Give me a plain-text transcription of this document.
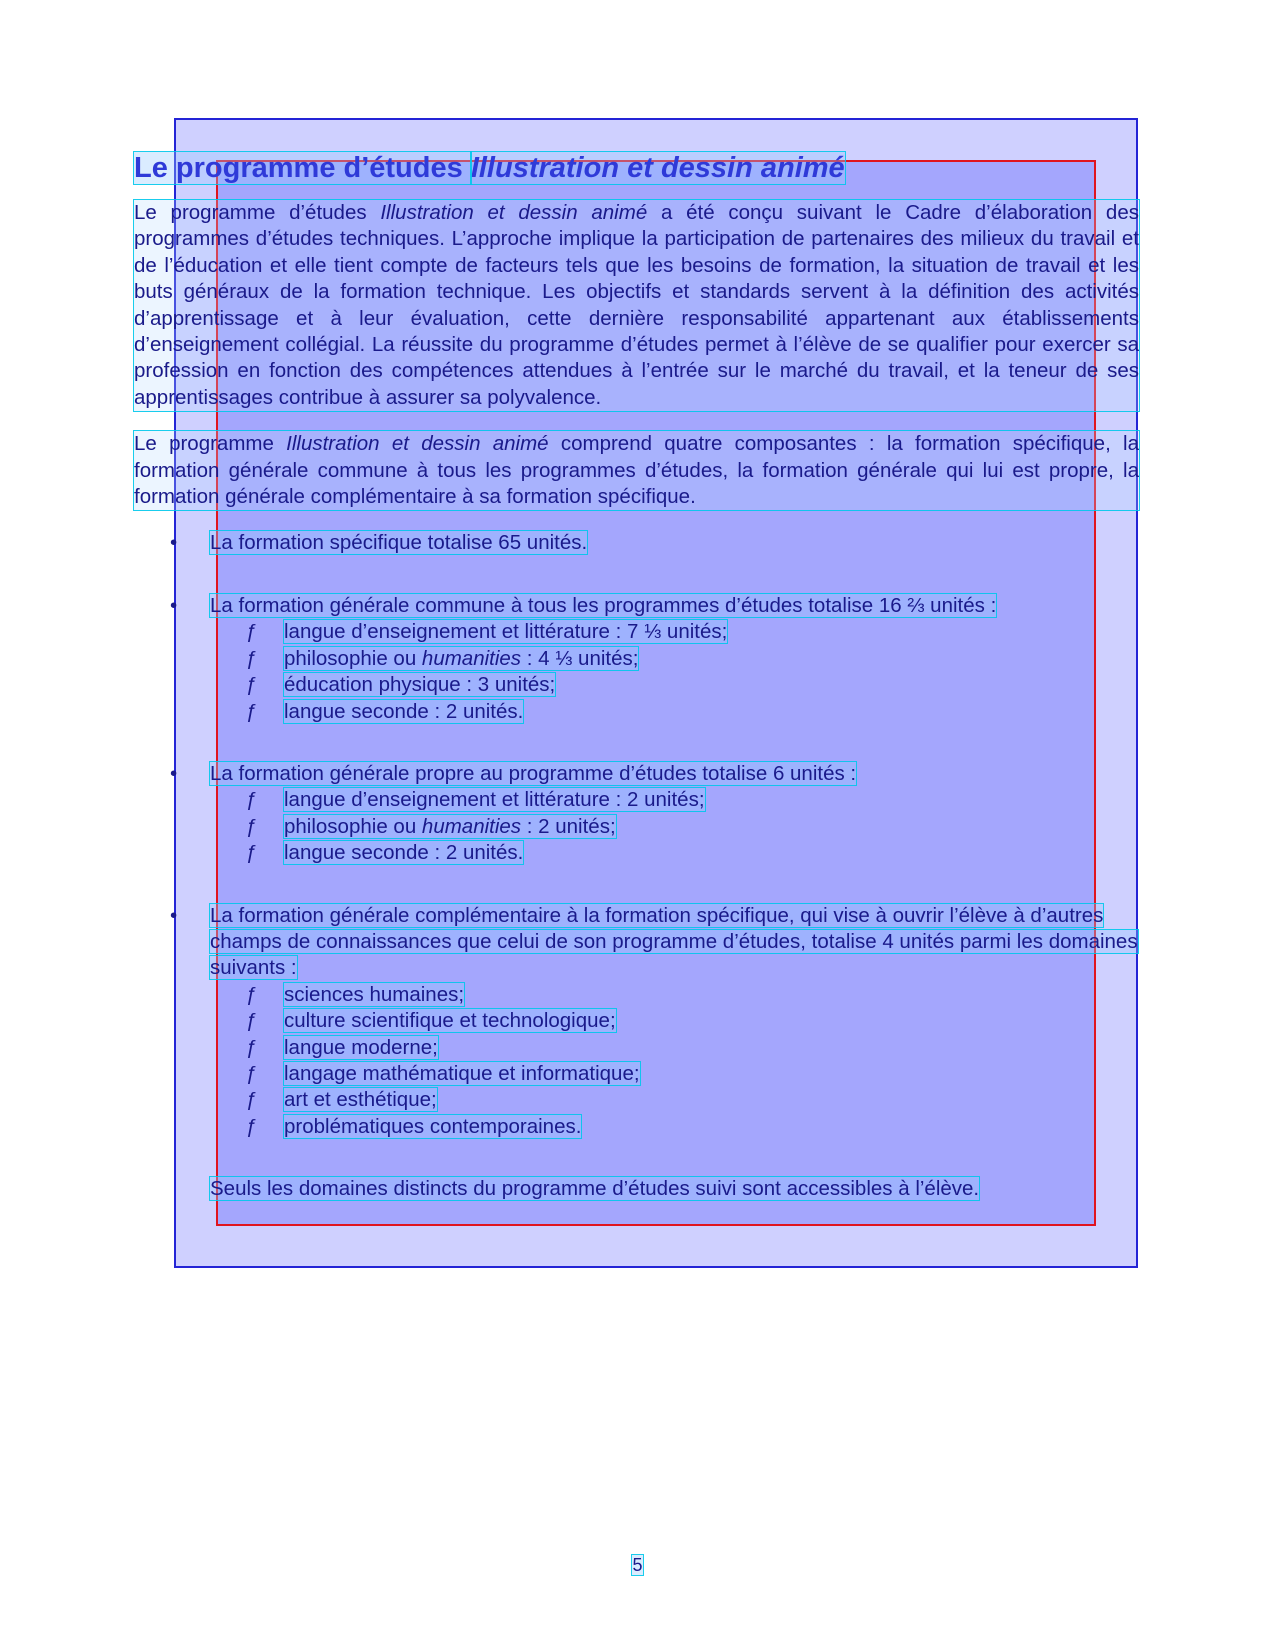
Le programme d’études Illustration et dessin animé

Le programme d’études Illustration et dessin animé a été conçu suivant le Cadre d’élaboration des programmes d’études techniques. L’approche implique la participation de partenaires des milieux du travail et de l’éducation et elle tient compte de facteurs tels que les besoins de formation, la situation de travail et les buts généraux de la formation technique. Les objectifs et standards servent à la définition des activités d’apprentissage et à leur évaluation, cette dernière responsabilité appartenant aux établissements d’enseignement collégial. La réussite du programme d’études permet à l’élève de se qualifier pour exercer sa profession en fonction des compétences attendues à l’entrée sur le marché du travail, et la teneur de ses apprentissages contribue à assurer sa polyvalence.

Le programme Illustration et dessin animé comprend quatre composantes : la formation spécifique, la formation générale commune à tous les programmes d’études, la formation générale qui lui est propre, la formation générale complémentaire à sa formation spécifique.

•	La formation spécifique totalise 65 unités.
•	La formation générale commune à tous les programmes d’études totalise 16 ⅔ unités :
ƒ langue d’enseignement et littérature : 7 ⅓ unités;
ƒ philosophie ou humanities : 4 ⅓ unités;
ƒ éducation physique : 3 unités;
ƒ langue seconde : 2 unités.
•	La formation générale propre au programme d’études totalise 6 unités :
ƒ langue d’enseignement et littérature : 2 unités;
ƒ philosophie ou humanities : 2 unités;
ƒ langue seconde : 2 unités.
•	La formation générale complémentaire à la formation spécifique, qui vise à ouvrir l’élève à d’autres champs de connaissances que celui de son programme d’études, totalise 4 unités parmi les domaines suivants :
ƒ sciences humaines;
ƒ culture scientifique et technologique;
ƒ langue moderne;
ƒ langage mathématique et informatique;
ƒ art et esthétique;
ƒ problématiques contemporaines.
Seuls les domaines distincts du programme d’études suivi sont accessibles à l’élève.
5
